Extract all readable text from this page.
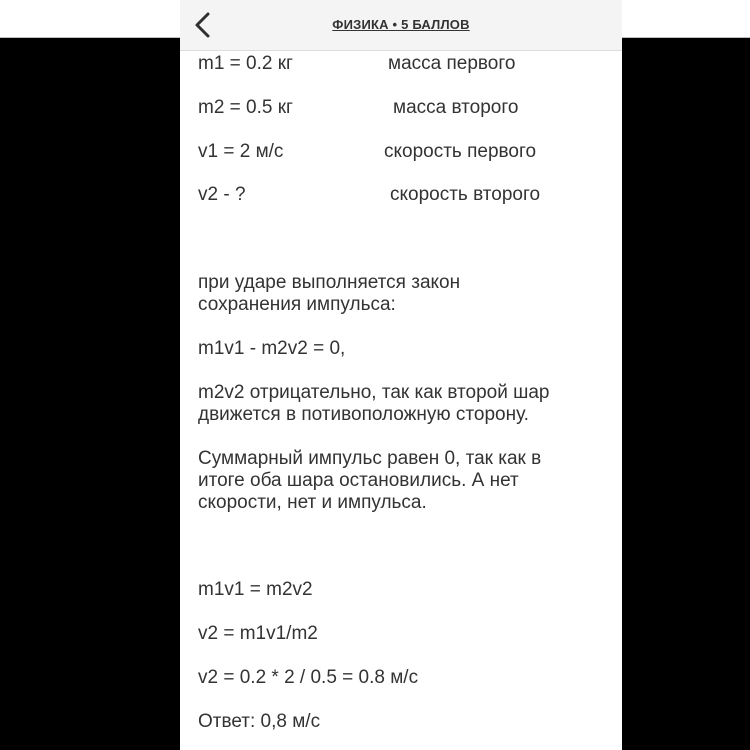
ФИЗИКА • 5 БАЛЛОВ

m1 = 0.2 кг	масса первого

m2 = 0.5 кг	масса второго

v1 = 2 м/с	скорость первого

v2 - ?	скорость второго

при ударе выполняется закон

сохранения импульса:

m1v1 - m2v2 = 0,

m2v2 отрицательно, так как второй шар

движется в потивоположную сторону.

Суммарный импульс равен 0, так как в

итоге оба шара остановились. А нет

скорости, нет и импульса.

m1v1 = m2v2

v2 = m1v1/m2

v2 = 0.2 * 2 / 0.5 = 0.8 м/с

Ответ: 0,8 м/с
